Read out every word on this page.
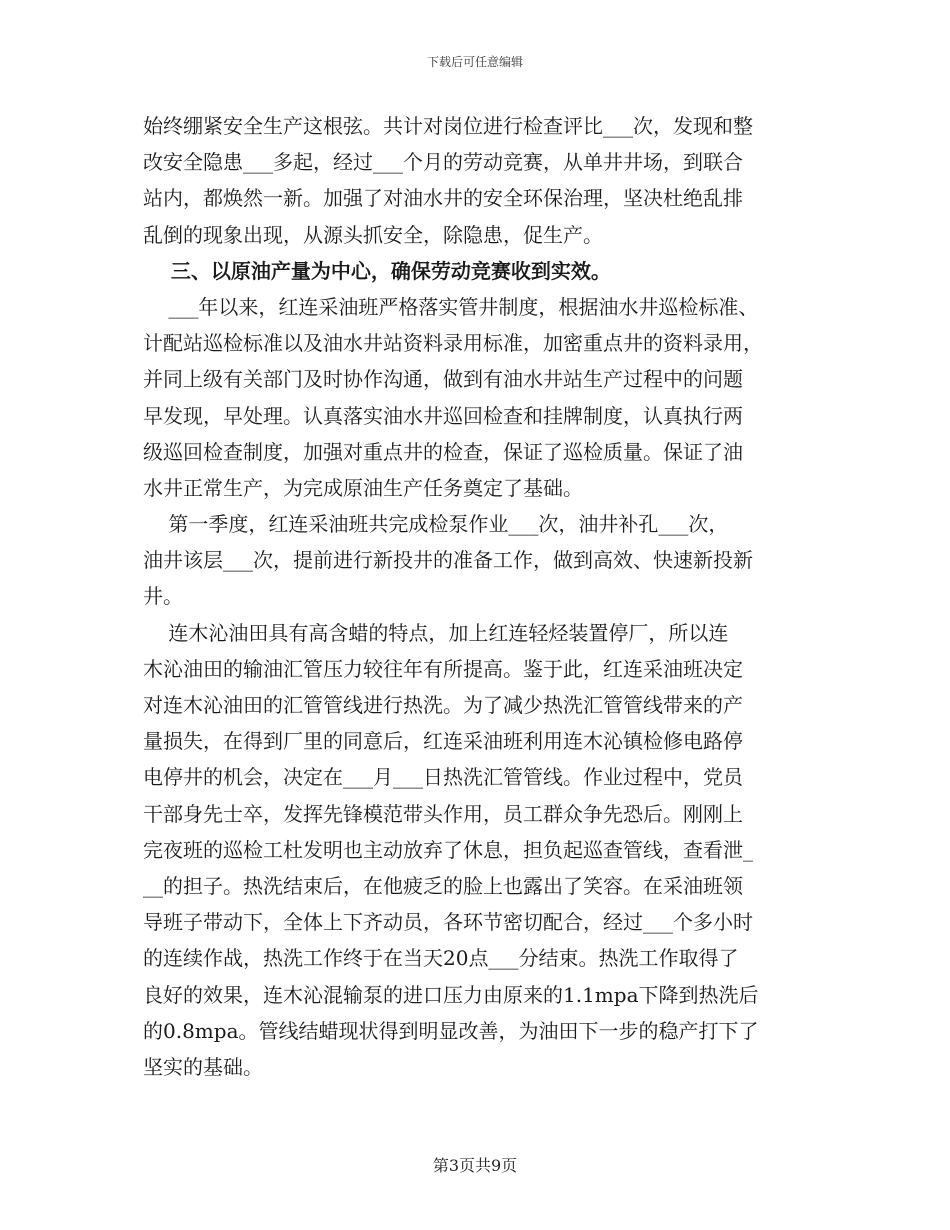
下载后可任意编辑
始终绷紧安全生产这根弦。共计对岗位进行检查评比___次，发现和整
改安全隐患___多起，经过___个月的劳动竞赛，从单井井场，到联合
站内，都焕然一新。加强了对油水井的安全环保治理，坚决杜绝乱排
乱倒的现象出现，从源头抓安全，除隐患，促生产。
三、以原油产量为中心，确保劳动竞赛收到实效。
___年以来，红连采油班严格落实管井制度，根据油水井巡检标准、
计配站巡检标准以及油水井站资料录用标准，加密重点井的资料录用，
并同上级有关部门及时协作沟通，做到有油水井站生产过程中的问题
早发现，早处理。认真落实油水井巡回检查和挂牌制度，认真执行两
级巡回检查制度，加强对重点井的检查，保证了巡检质量。保证了油
水井正常生产，为完成原油生产任务奠定了基础。
第一季度，红连采油班共完成检泵作业___次，油井补孔___次，
油井该层___次，提前进行新投井的准备工作，做到高效、快速新投新
井。
连木沁油田具有高含蜡的特点，加上红连轻烃装置停厂，所以连
木沁油田的输油汇管压力较往年有所提高。鉴于此，红连采油班决定
对连木沁油田的汇管管线进行热洗。为了减少热洗汇管管线带来的产
量损失，在得到厂里的同意后，红连采油班利用连木沁镇检修电路停
电停井的机会，决定在___月___日热洗汇管管线。作业过程中，党员
干部身先士卒，发挥先锋模范带头作用，员工群众争先恐后。刚刚上
完夜班的巡检工杜发明也主动放弃了休息，担负起巡查管线，查看泄_
__的担子。热洗结束后，在他疲乏的脸上也露出了笑容。在采油班领
导班子带动下，全体上下齐动员，各环节密切配合，经过___个多小时
的连续作战，热洗工作终于在当天20点___分结束。热洗工作取得了
良好的效果，连木沁混输泵的进口压力由原来的1.1mpa下降到热洗后
的0.8mpa。管线结蜡现状得到明显改善，为油田下一步的稳产打下了
坚实的基础。
第3页共9页
